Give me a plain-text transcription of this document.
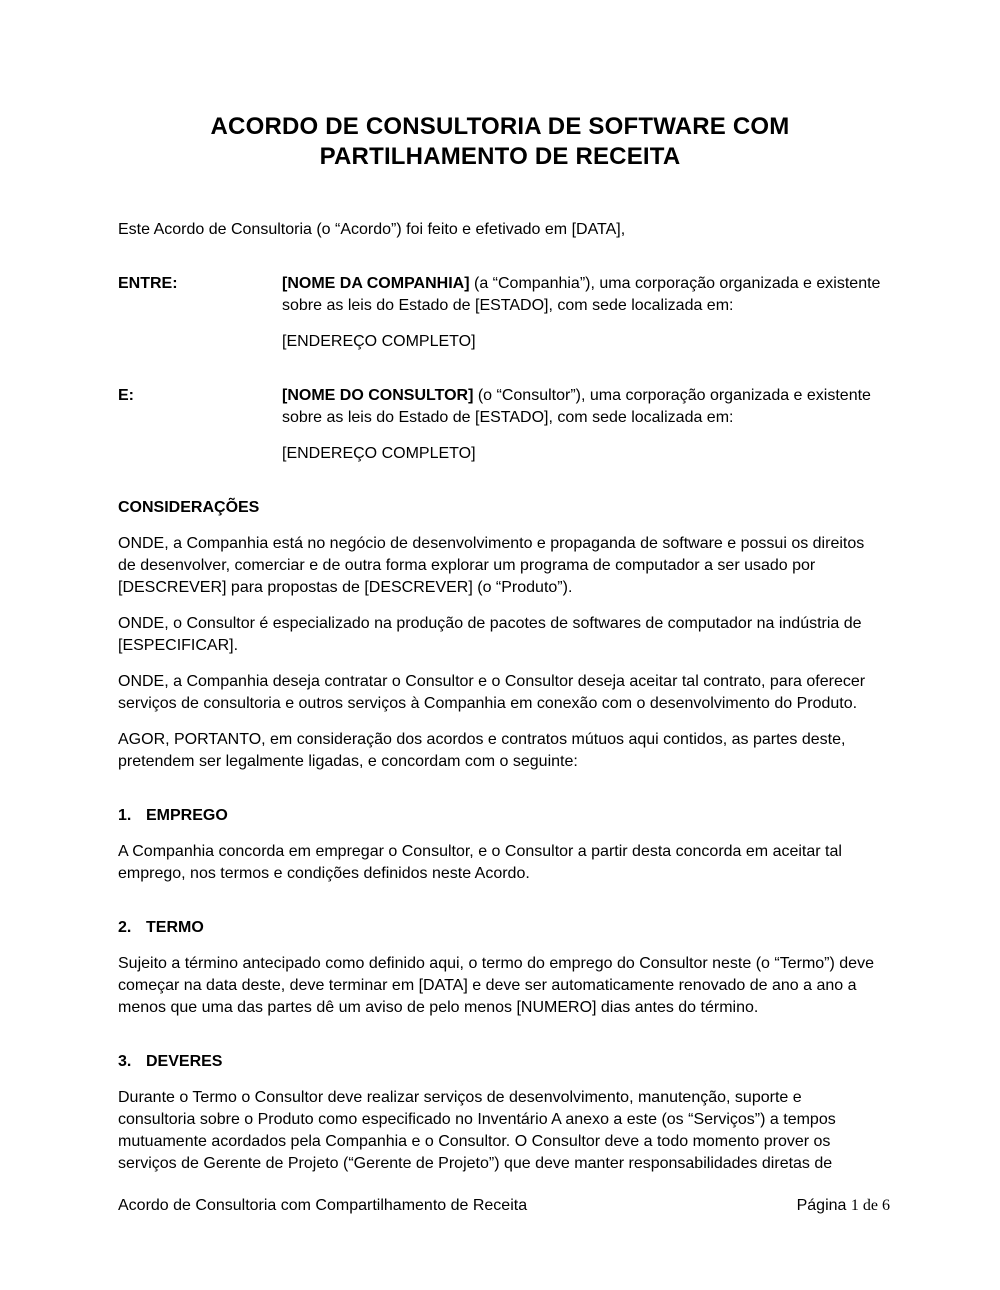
ACORDO DE CONSULTORIA DE SOFTWARE COM
PARTILHAMENTO DE RECEITA

Este Acordo de Consultoria (o “Acordo”) foi feito e efetivado em [DATA],

ENTRE:	[NOME DA COMPANHIA] (a “Companhia”), uma corporação organizada e existente sobre as leis do Estado de [ESTADO], com sede localizada em:

[ENDEREÇO COMPLETO]

E:	[NOME DO CONSULTOR] (o “Consultor”), uma corporação organizada e existente sobre as leis do Estado de [ESTADO], com sede localizada em:

[ENDEREÇO COMPLETO]

CONSIDERAÇÕES

ONDE, a Companhia está no negócio de desenvolvimento e propaganda de software e possui os direitos de desenvolver, comerciar e de outra forma explorar um programa de computador a ser usado por [DESCREVER] para propostas de [DESCREVER] (o “Produto”).

ONDE, o Consultor é especializado na produção de pacotes de softwares de computador na indústria de [ESPECIFICAR].

ONDE, a Companhia deseja contratar o Consultor e o Consultor deseja aceitar tal contrato, para oferecer serviços de consultoria e outros serviços à Companhia em conexão com o desenvolvimento do Produto.

AGOR, PORTANTO, em consideração dos acordos e contratos mútuos aqui contidos, as partes deste, pretendem ser legalmente ligadas, e concordam com o seguinte:

1. EMPREGO

A Companhia concorda em empregar o Consultor, e o Consultor a partir desta concorda em aceitar tal emprego, nos termos e condições definidos neste Acordo.

2. TERMO

Sujeito a término antecipado como definido aqui, o termo do emprego do Consultor neste (o “Termo”) deve começar na data deste, deve terminar em [DATA] e deve ser automaticamente renovado de ano a ano a menos que uma das partes dê um aviso de pelo menos [NUMERO] dias antes do término.

3. DEVERES

Durante o Termo o Consultor deve realizar serviços de desenvolvimento, manutenção, suporte e consultoria sobre o Produto como especificado no Inventário A anexo a este (os “Serviços”) a tempos mutuamente acordados pela Companhia e o Consultor. O Consultor deve a todo momento prover os serviços de Gerente de Projeto (“Gerente de Projeto”) que deve manter responsabilidades diretas de

Acordo de Consultoria com Compartilhamento de Receita	Página 1 de 6
